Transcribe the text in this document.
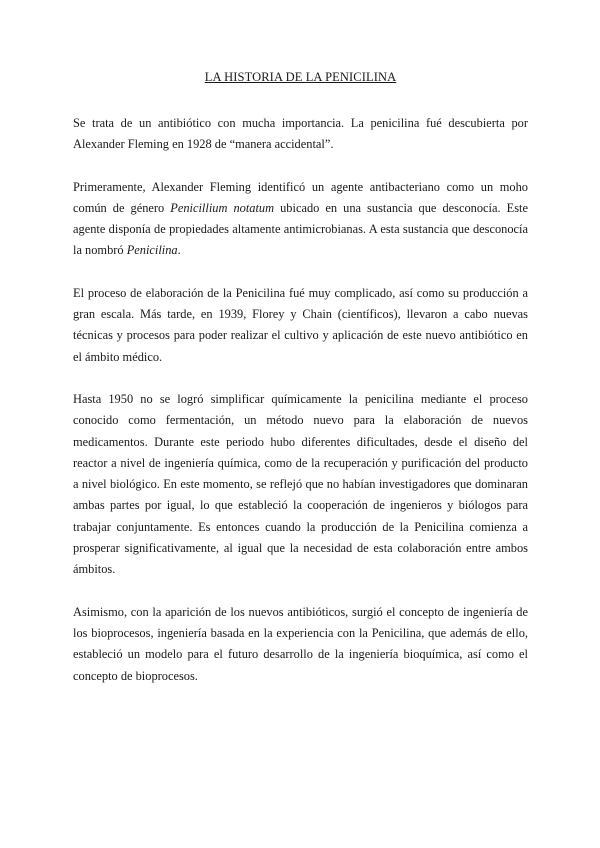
LA HISTORIA DE LA PENICILINA

Se trata de un antibiótico con mucha importancia. La penicilina fué descubierta por Alexander Fleming en 1928 de “manera accidental”.

Primeramente, Alexander Fleming identificó un agente antibacteriano como un moho común de género Penicillium notatum ubicado en una sustancia que desconocía. Este agente disponía de propiedades altamente antimicrobianas. A esta sustancia que desconocía la nombró Penicilina.

El proceso de elaboración de la Penicilina fué muy complicado, así como su producción a gran escala. Más tarde, en 1939, Florey y Chain (científicos), llevaron a cabo nuevas técnicas y procesos para poder realizar el cultivo y aplicación de este nuevo antibiótico en el ámbito médico.

Hasta 1950 no se logró simplificar químicamente la penicilina mediante el proceso conocido como fermentación, un método nuevo para la elaboración de nuevos medicamentos. Durante este periodo hubo diferentes dificultades, desde el diseño del reactor a nivel de ingeniería química, como de la recuperación y purificación del producto a nivel biológico. En este momento, se reflejó que no habían investigadores que dominaran ambas partes por igual, lo que estableció la cooperación de ingenieros y biólogos para trabajar conjuntamente. Es entonces cuando la producción de la Penicilina comienza a prosperar significativamente, al igual que la necesidad de esta colaboración entre ambos ámbitos.

Asimismo, con la aparición de los nuevos antibióticos, surgió el concepto de ingeniería de los bioprocesos, ingeniería basada en la experiencia con la Penicilina, que además de ello, estableció un modelo para el futuro desarrollo de la ingeniería bioquímica, así como el concepto de bioprocesos.
